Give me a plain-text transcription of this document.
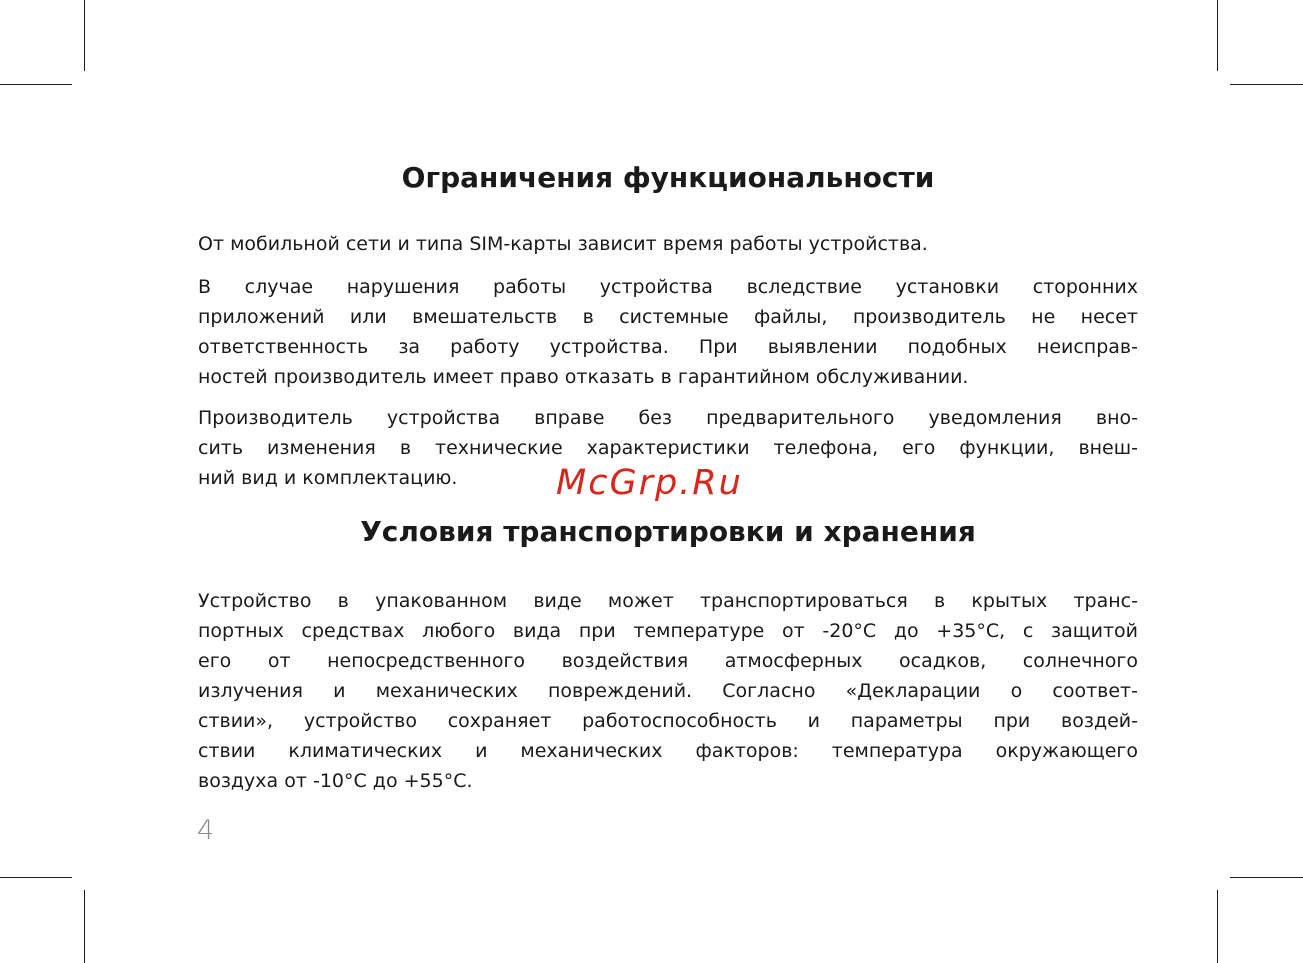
Ограничения функциональности

От мобильной сети и типа SIM-карты зависит время работы устройства.

В случае нарушения работы устройства вследствие установки сторонних
приложений или вмешательств в системные файлы, производитель не несет
ответственность за работу устройства. При выявлении подобных неисправ-
ностей производитель имеет право отказать в гарантийном обслуживании.

Производитель устройства вправе без предварительного уведомления вно-
сить изменения в технические характеристики телефона, его функции, внеш-
ний вид и комплектацию.	McGrp.Ru
Условия транспортировки и хранения

Устройство в упакованном виде может транспортироваться в крытых транс-
портных средствах любого вида при температуре от -20°С до +35°С, с защитой
его от непосредственного воздействия атмосферных осадков, солнечного
излучения и механических повреждений. Согласно «Декларации о соответ-
ствии», устройство сохраняет работоспособность и параметры при воздей-
ствии климатических и механических факторов: температура окружающего
воздуха от -10°С до +55°С.

4
